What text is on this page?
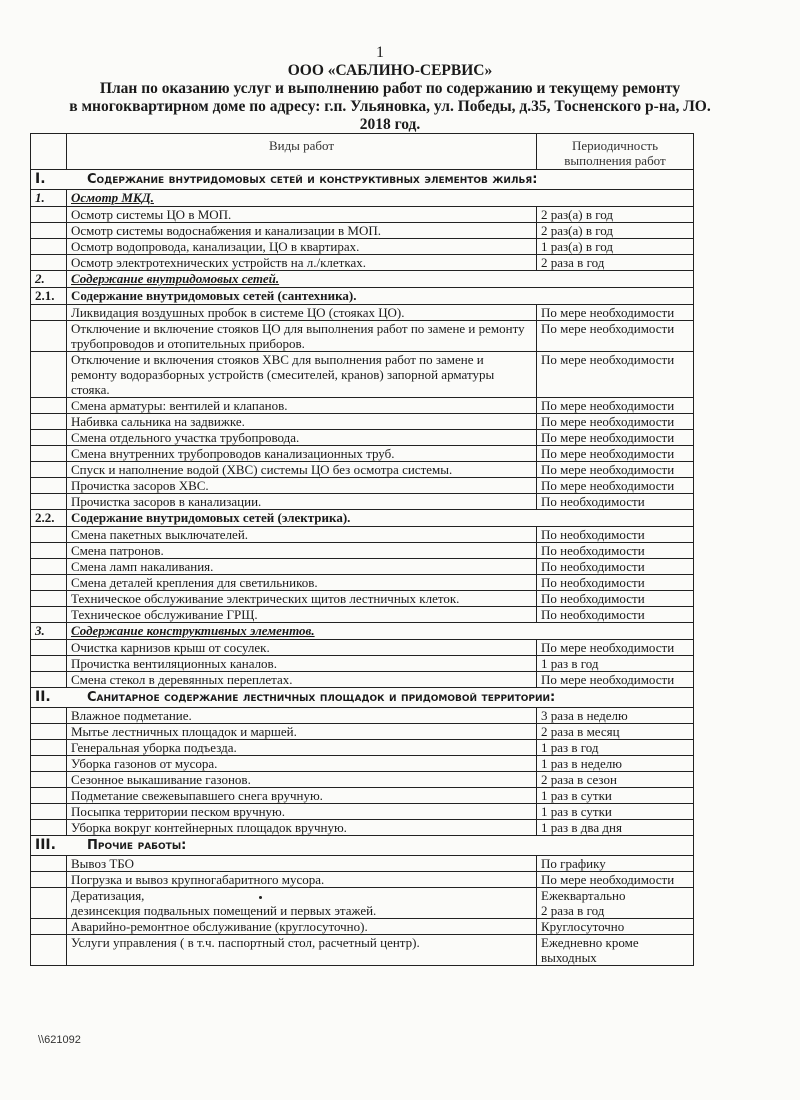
1
ООО «САБЛИНО-СЕРВИС»
План по оказанию услуг и выполнению работ по содержанию и текущему ремонту
в многоквартирном доме по адресу: г.п. Ульяновка, ул. Победы, д.35, Тосненского р-на, ЛО.
2018 год.
	Виды работ	Периодичность выполнения работ
I. Содержание внутридомовых сетей и конструктивных элементов жилья:		
1.	Осмотр МКД.	
	Осмотр системы ЦО в МОП.	2 раз(а) в год
	Осмотр системы водоснабжения и канализации в МОП.	2 раз(а) в год
	Осмотр водопровода, канализации, ЦО в квартирах.	1 раз(а) в год
	Осмотр электротехнических устройств на л./клетках.	2 раза в год
2.	Содержание внутридомовых сетей.	
2.1.	Содержание внутридомовых сетей (сантехника).	
	Ликвидация воздушных пробок в системе ЦО (стояках ЦО).	По мере необходимости
	Отключение и включение стояков ЦО для выполнения работ по замене и ремонту трубопроводов и отопительных приборов.	По мере необходимости
	Отключение и включения стояков ХВС для выполнения работ по замене и ремонту водоразборных устройств (смесителей, кранов) запорной арматуры стояка.	По мере необходимости
	Смена арматуры: вентилей и клапанов.	По мере необходимости
	Набивка сальника на задвижке.	По мере необходимости
	Смена отдельного участка трубопровода.	По мере необходимости
	Смена внутренних трубопроводов канализационных труб.	По мере необходимости
	Спуск и наполнение водой (ХВС) системы ЦО без осмотра системы.	По мере необходимости
	Прочистка засоров ХВС.	По мере необходимости
	Прочистка засоров в канализации.	По необходимости
2.2.	Содержание внутридомовых сетей (электрика).	
	Смена пакетных выключателей.	По необходимости
	Смена патронов.	По необходимости
	Смена ламп накаливания.	По необходимости
	Смена деталей крепления для светильников.	По необходимости
	Техническое обслуживание электрических щитов лестничных клеток.	По необходимости
	Техническое обслуживание ГРЩ.	По необходимости
3.	Содержание конструктивных элементов.	
	Очистка карнизов крыш от сосулек.	По мере необходимости
	Прочистка вентиляционных каналов.	1 раз в год
	Смена стекол в деревянных переплетах.	По мере необходимости
II. Санитарное содержание лестничных площадок и придомовой территории:		
	Влажное подметание.	3 раза в неделю
	Мытье лестничных площадок и маршей.	2 раза в месяц
	Генеральная уборка подъезда.	1 раз в год
	Уборка газонов от мусора.	1 раз в неделю
	Сезонное выкашивание газонов.	2 раза в сезон
	Подметание свежевыпавшего снега вручную.	1 раз в сутки
	Посыпка территории песком вручную.	1 раз в сутки
	Уборка вокруг контейнерных площадок вручную.	1 раз в два дня
III. Прочие работы:		
	Вывоз ТБО	По графику
	Погрузка и вывоз крупногабаритного мусора.	По мере необходимости
	Дератизация,
дезинсекция подвальных помещений и первых этажей.	Ежеквартально
2 раза в год
	Аварийно-ремонтное обслуживание (круглосуточно).	Круглосуточно
	Услуги управления ( в т.ч. паспортный стол, расчетный центр).	Ежедневно кроме выходных
\\621092
